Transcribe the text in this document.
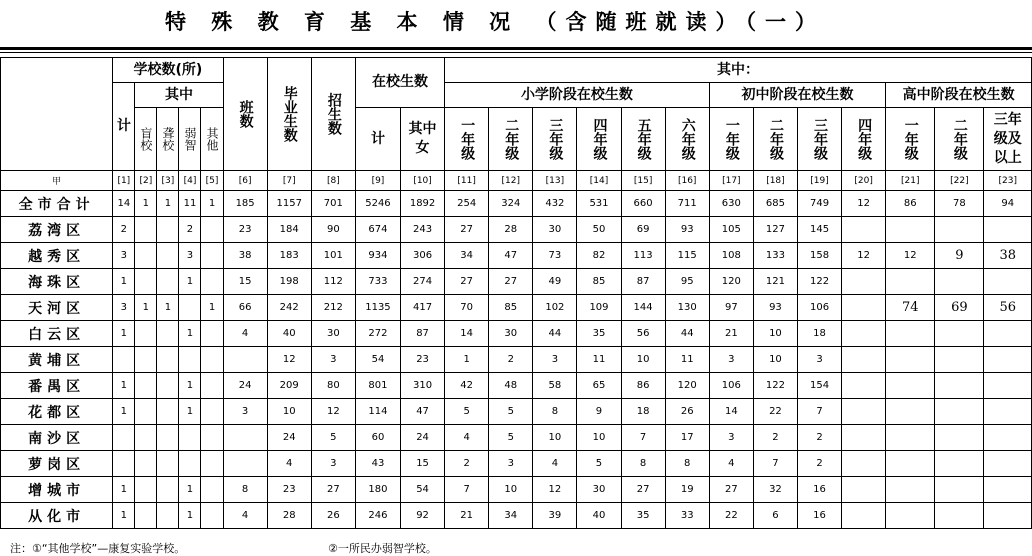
特 殊 教 育 基 本 情 况 （含随班就读）（一）
	学校数(所)					班数	毕业生数	招生数	在校生数		其中：												
	计	其中									小学阶段在校生数						初中阶段在校生数				高中阶段在校生数		
		盲校	聋校	弱智	其他				计	其中女	一年级	二年级	三年级	四年级	五年级	六年级	一年级	二年级	三年级	四年级	一年级	二年级	三年级及以上
甲	[1]	[2]	[3]	[4]	[5]	[6]	[7]	[8]	[9]	[10]	[11]	[12]	[13]	[14]	[15]	[16]	[17]	[18]	[19]	[20]	[21]	[22]	[23]
全市合计	14	1	1	11	1	185	1157	701	5246	1892	254	324	432	531	660	711	630	685	749	12	86	78	94
荔湾区	2			2		23	184	90	674	243	27	28	30	50	69	93	105	127	145				
越秀区	3			3		38	183	101	934	306	34	47	73	82	113	115	108	133	158	12	12	9	38
海珠区	1			1		15	198	112	733	274	27	27	49	85	87	95	120	121	122				
天河区	3	1	1		1	66	242	212	1135	417	70	85	102	109	144	130	97	93	106		74	69	56
白云区	1			1		4	40	30	272	87	14	30	44	35	56	44	21	10	18				
黄埔区							12	3	54	23	1	2	3	11	10	11	3	10	3				
番禺区	1			1		24	209	80	801	310	42	48	58	65	86	120	106	122	154				
花都区	1			1		3	10	12	114	47	5	5	8	9	18	26	14	22	7				
南沙区							24	5	60	24	4	5	10	10	7	17	3	2	2				
萝岗区							4	3	43	15	2	3	4	5	8	8	4	7	2				
增城市	1			1		8	23	27	180	54	7	10	12	30	27	19	27	32	16				
从化市	1			1		4	28	26	246	92	21	34	39	40	35	33	22	6	16				
注：①“其他学校”—康复实验学校。	②一所民办弱智学校。
